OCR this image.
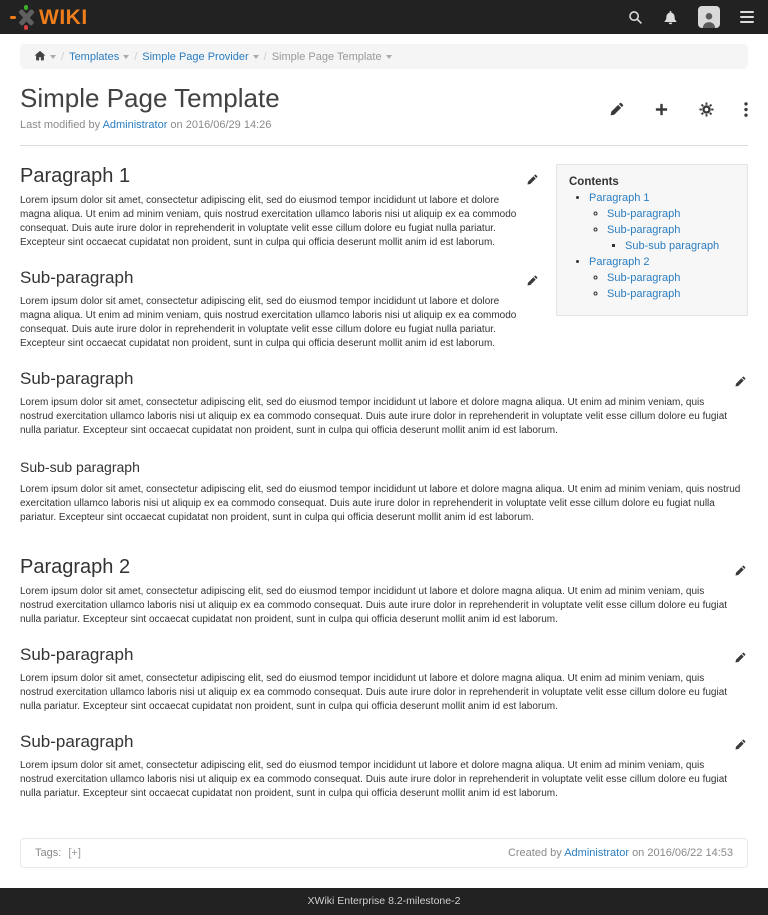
WIKI
/ Templates / Simple Page Provider / Simple Page Template
Simple Page Template
Last modified by Administrator on 2016/06/29 14:26
Contents
• Paragraph 1
◦ Sub-paragraph
◦ Sub-paragraph
▪ Sub-sub paragraph
• Paragraph 2
◦ Sub-paragraph
◦ Sub-paragraph
Paragraph 1

Lorem ipsum dolor sit amet, consectetur adipiscing elit, sed do eiusmod tempor incididunt ut labore et dolore magna aliqua. Ut enim ad minim veniam, quis nostrud exercitation ullamco laboris nisi ut aliquip ex ea commodo consequat. Duis aute irure dolor in reprehenderit in voluptate velit esse cillum dolore eu fugiat nulla pariatur. Excepteur sint occaecat cupidatat non proident, sunt in culpa qui officia deserunt mollit anim id est laborum.

Sub-paragraph

Lorem ipsum dolor sit amet, consectetur adipiscing elit, sed do eiusmod tempor incididunt ut labore et dolore magna aliqua. Ut enim ad minim veniam, quis nostrud exercitation ullamco laboris nisi ut aliquip ex ea commodo consequat. Duis aute irure dolor in reprehenderit in voluptate velit esse cillum dolore eu fugiat nulla pariatur. Excepteur sint occaecat cupidatat non proident, sunt in culpa qui officia deserunt mollit anim id est laborum.

Sub-paragraph

Lorem ipsum dolor sit amet, consectetur adipiscing elit, sed do eiusmod tempor incididunt ut labore et dolore magna aliqua. Ut enim ad minim veniam, quis nostrud exercitation ullamco laboris nisi ut aliquip ex ea commodo consequat. Duis aute irure dolor in reprehenderit in voluptate velit esse cillum dolore eu fugiat nulla pariatur. Excepteur sint occaecat cupidatat non proident, sunt in culpa qui officia deserunt mollit anim id est laborum.

Sub-sub paragraph

Lorem ipsum dolor sit amet, consectetur adipiscing elit, sed do eiusmod tempor incididunt ut labore et dolore magna aliqua. Ut enim ad minim veniam, quis nostrud exercitation ullamco laboris nisi ut aliquip ex ea commodo consequat. Duis aute irure dolor in reprehenderit in voluptate velit esse cillum dolore eu fugiat nulla pariatur. Excepteur sint occaecat cupidatat non proident, sunt in culpa qui officia deserunt mollit anim id est laborum.

Paragraph 2

Lorem ipsum dolor sit amet, consectetur adipiscing elit, sed do eiusmod tempor incididunt ut labore et dolore magna aliqua. Ut enim ad minim veniam, quis nostrud exercitation ullamco laboris nisi ut aliquip ex ea commodo consequat. Duis aute irure dolor in reprehenderit in voluptate velit esse cillum dolore eu fugiat nulla pariatur. Excepteur sint occaecat cupidatat non proident, sunt in culpa qui officia deserunt mollit anim id est laborum.

Sub-paragraph

Lorem ipsum dolor sit amet, consectetur adipiscing elit, sed do eiusmod tempor incididunt ut labore et dolore magna aliqua. Ut enim ad minim veniam, quis nostrud exercitation ullamco laboris nisi ut aliquip ex ea commodo consequat. Duis aute irure dolor in reprehenderit in voluptate velit esse cillum dolore eu fugiat nulla pariatur. Excepteur sint occaecat cupidatat non proident, sunt in culpa qui officia deserunt mollit anim id est laborum.

Sub-paragraph

Lorem ipsum dolor sit amet, consectetur adipiscing elit, sed do eiusmod tempor incididunt ut labore et dolore magna aliqua. Ut enim ad minim veniam, quis nostrud exercitation ullamco laboris nisi ut aliquip ex ea commodo consequat. Duis aute irure dolor in reprehenderit in voluptate velit esse cillum dolore eu fugiat nulla pariatur. Excepteur sint occaecat cupidatat non proident, sunt in culpa qui officia deserunt mollit anim id est laborum.

Tags: [+]	Created by Administrator on 2016/06/22 14:53
XWiki Enterprise 8.2-milestone-2
